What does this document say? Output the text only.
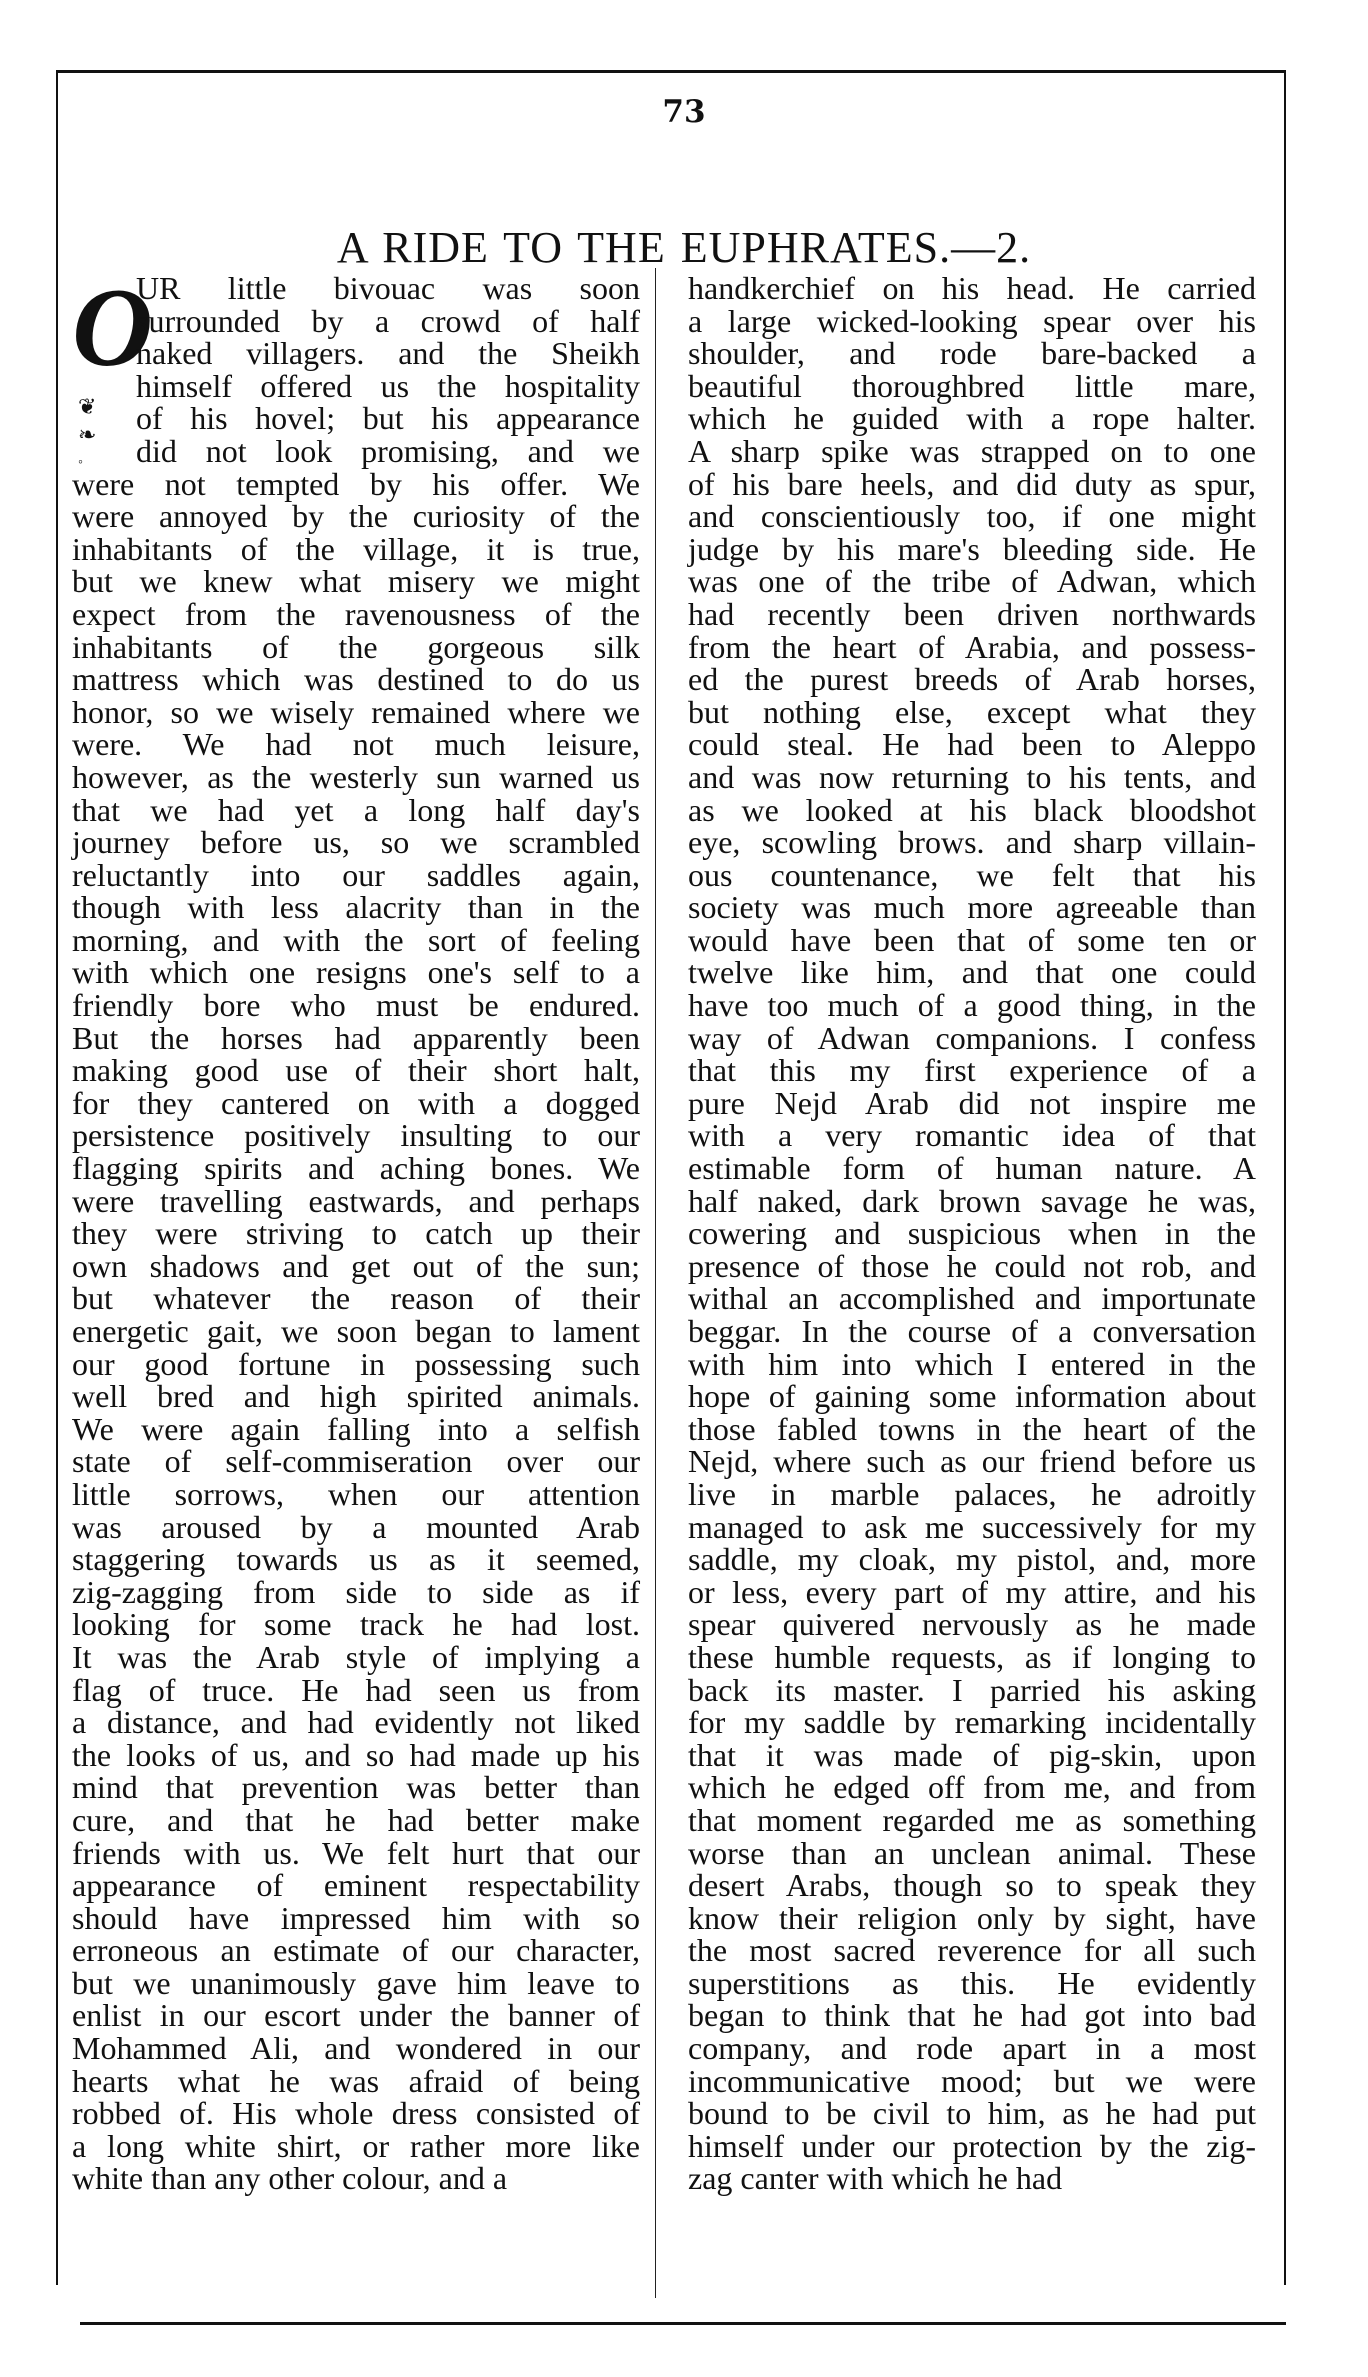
73
A RIDE TO THE EUPHRATES.—2.
O
❦
❧
◦
UR little bivouac was soon
surrounded by a crowd of half
naked villagers. and the Sheikh
himself offered us the hospitality
of his hovel; but his appearance
did not look promising, and we
were not tempted by his offer. We
were annoyed by the curiosity of the
inhabitants of the village, it is true,
but we knew what misery we might
expect from the ravenousness of the
inhabitants of the gorgeous silk
mattress which was destined to do us
honor, so we wisely remained where we
were. We had not much leisure,
however, as the westerly sun warned us
that we had yet a long half day's
journey before us, so we scrambled
reluctantly into our saddles again,
though with less alacrity than in the
morning, and with the sort of feeling
with which one resigns one's self to a
friendly bore who must be endured.
But the horses had apparently been
making good use of their short halt,
for they cantered on with a dogged
persistence positively insulting to our
flagging spirits and aching bones. We
were travelling eastwards, and perhaps
they were striving to catch up their
own shadows and get out of the sun;
but whatever the reason of their
energetic gait, we soon began to lament
our good fortune in possessing such
well bred and high spirited animals.
We were again falling into a selfish
state of self-commiseration over our
little sorrows, when our attention
was aroused by a mounted Arab
staggering towards us as it seemed,
zig-zagging from side to side as if
looking for some track he had lost.
It was the Arab style of implying a
flag of truce. He had seen us from
a distance, and had evidently not liked
the looks of us, and so had made up his
mind that prevention was better than
cure, and that he had better make
friends with us. We felt hurt that our
appearance of eminent respectability
should have impressed him with so
erroneous an estimate of our character,
but we unanimously gave him leave to
enlist in our escort under the banner of
Mohammed Ali, and wondered in our
hearts what he was afraid of being
robbed of. His whole dress consisted of
a long white shirt, or rather more like
white than any other colour, and a
handkerchief on his head. He carried
a large wicked-looking spear over his
shoulder, and rode bare-backed a
beautiful thoroughbred little mare,
which he guided with a rope halter.
A sharp spike was strapped on to one
of his bare heels, and did duty as spur,
and conscientiously too, if one might
judge by his mare's bleeding side. He
was one of the tribe of Adwan, which
had recently been driven northwards
from the heart of Arabia, and possess-
ed the purest breeds of Arab horses,
but nothing else, except what they
could steal. He had been to Aleppo
and was now returning to his tents, and
as we looked at his black bloodshot
eye, scowling brows. and sharp villain-
ous countenance, we felt that his
society was much more agreeable than
would have been that of some ten or
twelve like him, and that one could
have too much of a good thing, in the
way of Adwan companions. I confess
that this my first experience of a
pure Nejd Arab did not inspire me
with a very romantic idea of that
estimable form of human nature. A
half naked, dark brown savage he was,
cowering and suspicious when in the
presence of those he could not rob, and
withal an accomplished and importunate
beggar. In the course of a conversation
with him into which I entered in the
hope of gaining some information about
those fabled towns in the heart of the
Nejd, where such as our friend before us
live in marble palaces, he adroitly
managed to ask me successively for my
saddle, my cloak, my pistol, and, more
or less, every part of my attire, and his
spear quivered nervously as he made
these humble requests, as if longing to
back its master. I parried his asking
for my saddle by remarking incidentally
that it was made of pig-skin, upon
which he edged off from me, and from
that moment regarded me as something
worse than an unclean animal. These
desert Arabs, though so to speak they
know their religion only by sight, have
the most sacred reverence for all such
superstitions as this. He evidently
began to think that he had got into bad
company, and rode apart in a most
incommunicative mood; but we were
bound to be civil to him, as he had put
himself under our protection by the zig-
zag canter with which he had
